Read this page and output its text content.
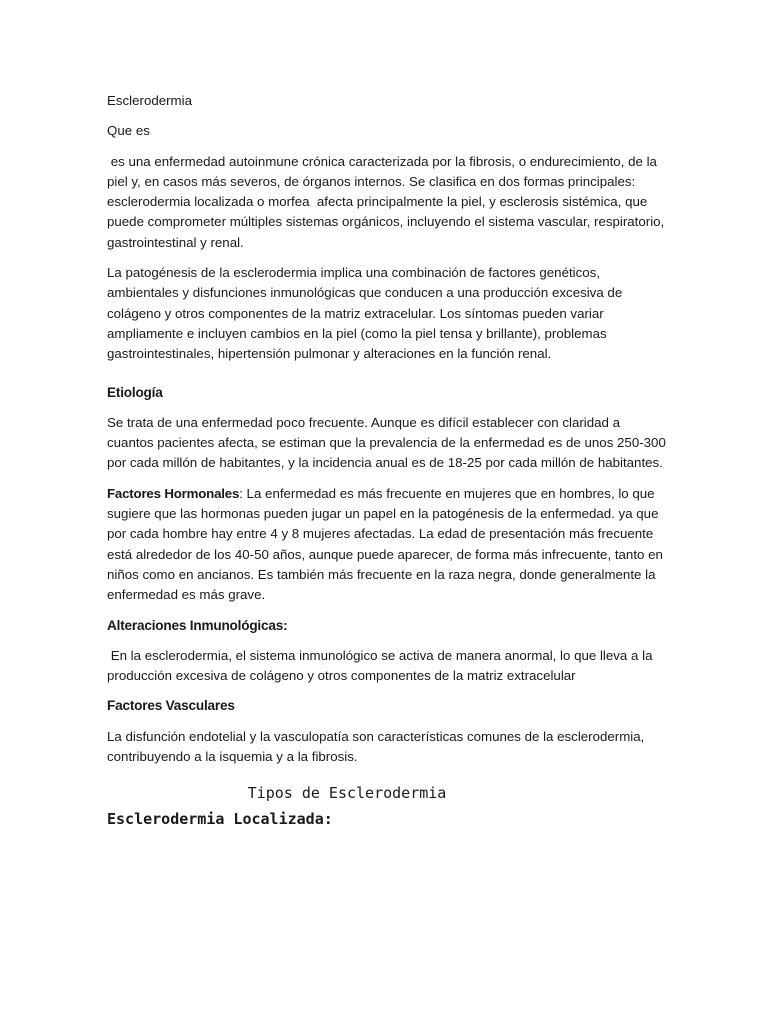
Esclerodermia

Que es

es una enfermedad autoinmune crónica caracterizada por la fibrosis, o endurecimiento, de la piel y, en casos más severos, de órganos internos. Se clasifica en dos formas principales: esclerodermia localizada o morfea  afecta principalmente la piel, y esclerosis sistémica, que puede comprometer múltiples sistemas orgánicos, incluyendo el sistema vascular, respiratorio, gastrointestinal y renal.

La patogénesis de la esclerodermia implica una combinación de factores genéticos, ambientales y disfunciones inmunológicas que conducen a una producción excesiva de colágeno y otros componentes de la matriz extracelular. Los síntomas pueden variar ampliamente e incluyen cambios en la piel (como la piel tensa y brillante), problemas gastrointestinales, hipertensión pulmonar y alteraciones en la función renal.

Etiología

Se trata de una enfermedad poco frecuente. Aunque es difícil establecer con claridad a cuantos pacientes afecta, se estiman que la prevalencia de la enfermedad es de unos 250-300 por cada millón de habitantes, y la incidencia anual es de 18-25 por cada millón de habitantes.

Factores Hormonales: La enfermedad es más frecuente en mujeres que en hombres, lo que sugiere que las hormonas pueden jugar un papel en la patogénesis de la enfermedad. ya que por cada hombre hay entre 4 y 8 mujeres afectadas. La edad de presentación más frecuente está alrededor de los 40-50 años, aunque puede aparecer, de forma más infrecuente, tanto en niños como en ancianos. Es también más frecuente en la raza negra, donde generalmente la enfermedad es más grave.

Alteraciones Inmunológicas:

En la esclerodermia, el sistema inmunológico se activa de manera anormal, lo que lleva a la producción excesiva de colágeno y otros componentes de la matriz extracelular

Factores Vasculares

La disfunción endotelial y la vasculopatía son características comunes de la esclerodermia, contribuyendo a la isquemia y a la fibrosis.

Tipos de Esclerodermia

Esclerodermia Localizada:
